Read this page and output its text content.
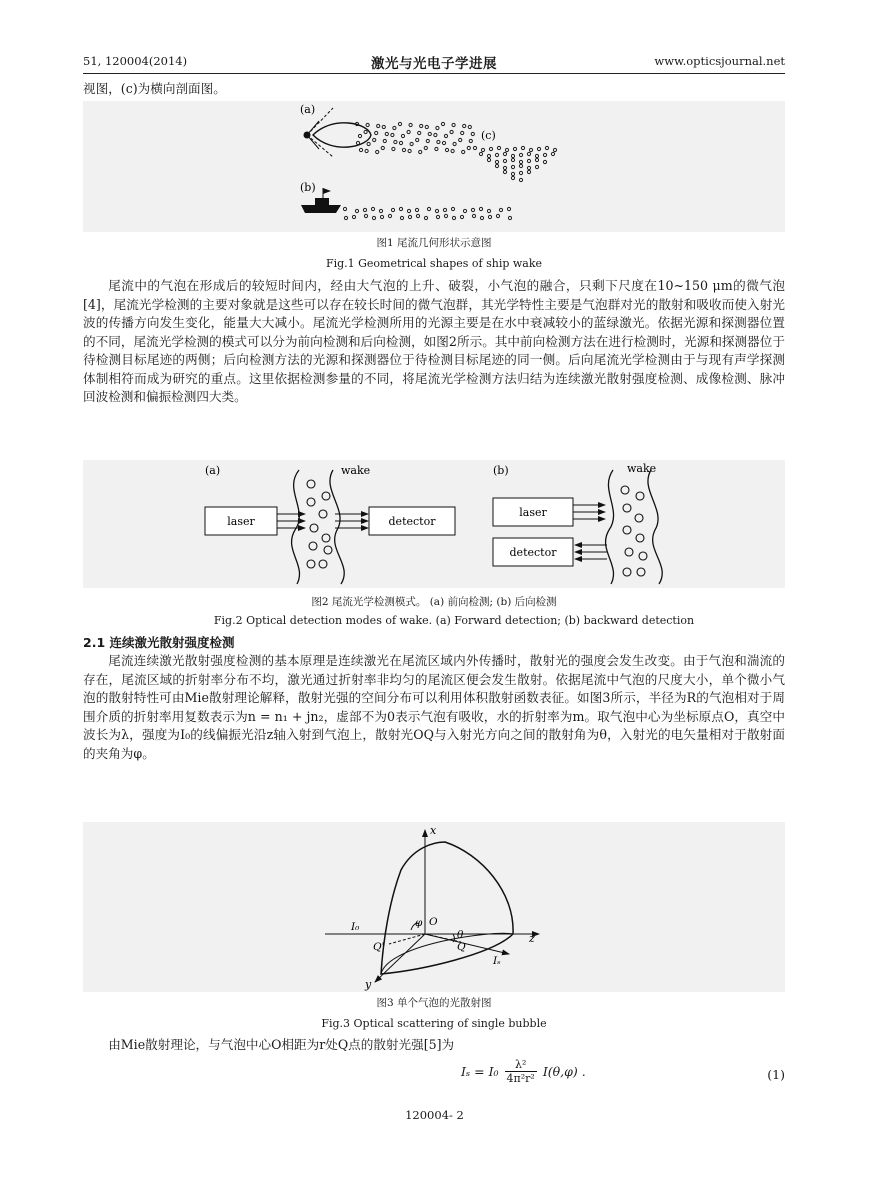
51, 120004(2014)	激光与光电子学进展	www.opticsjournal.net
视图，(c)为横向剖面图。
(a)
(c)
(b)
图1 尾流几何形状示意图
Fig.1 Geometrical shapes of ship wake

尾流中的气泡在形成后的较短时间内，经由大气泡的上升、破裂，小气泡的融合，只剩下尺度在10~150 μm的微气泡[4]，尾流光学检测的主要对象就是这些可以存在较长时间的微气泡群，其光学特性主要是气泡群对光的散射和吸收而使入射光波的传播方向发生变化，能量大大减小。尾流光学检测所用的光源主要是在水中衰减较小的蓝绿激光。依据光源和探测器位置的不同，尾流光学检测的模式可以分为前向检测和后向检测，如图2所示。其中前向检测方法在进行检测时，光源和探测器位于待检测目标尾迹的两侧；后向检测方法的光源和探测器位于待检测目标尾迹的同一侧。后向尾流光学检测由于与现有声学探测体制相符而成为研究的重点。这里依据检测参量的不同，将尾流光学检测方法归结为连续激光散射强度检测、成像检测、脉冲回波检测和偏振检测四大类。

(a)
laser
wake
detector
(b)
laser
detector
wake
图2 尾流光学检测模式。 (a) 前向检测; (b) 后向检测
Fig.2 Optical detection modes of wake. (a) Forward detection; (b) backward detection
2.1 连续激光散射强度检测

尾流连续激光散射强度检测的基本原理是连续激光在尾流区域内外传播时，散射光的强度会发生改变。由于气泡和湍流的存在，尾流区域的折射率分布不均，激光通过折射率非均匀的尾流区便会发生散射。依据尾流中气泡的尺度大小，单个微小气泡的散射特性可由Mie散射理论解释，散射光强的空间分布可以利用体积散射函数表征。如图3所示，半径为R的气泡相对于周围介质的折射率用复数表示为n = n₁ + jn₂，虚部不为0表示气泡有吸收，水的折射率为m。取气泡中心为坐标原点O，真空中波长为λ，强度为I₀的线偏振光沿z轴入射到气泡上，散射光OQ与入射光方向之间的散射角为θ，入射光的电矢量相对于散射面的夹角为φ。

x
z
y
φ O
θ
Q
Q'
I₀
Iₛ
图3 单个气泡的光散射图
Fig.3 Optical scattering of single bubble

由Mie散射理论，与气泡中心O相距为r处Q点的散射光强[5]为

$I_s = I_0 \frac{\text{λ²}}{\text{4π²r²}} I(\theta,\varphi)$ .	(1)
120004- 2
